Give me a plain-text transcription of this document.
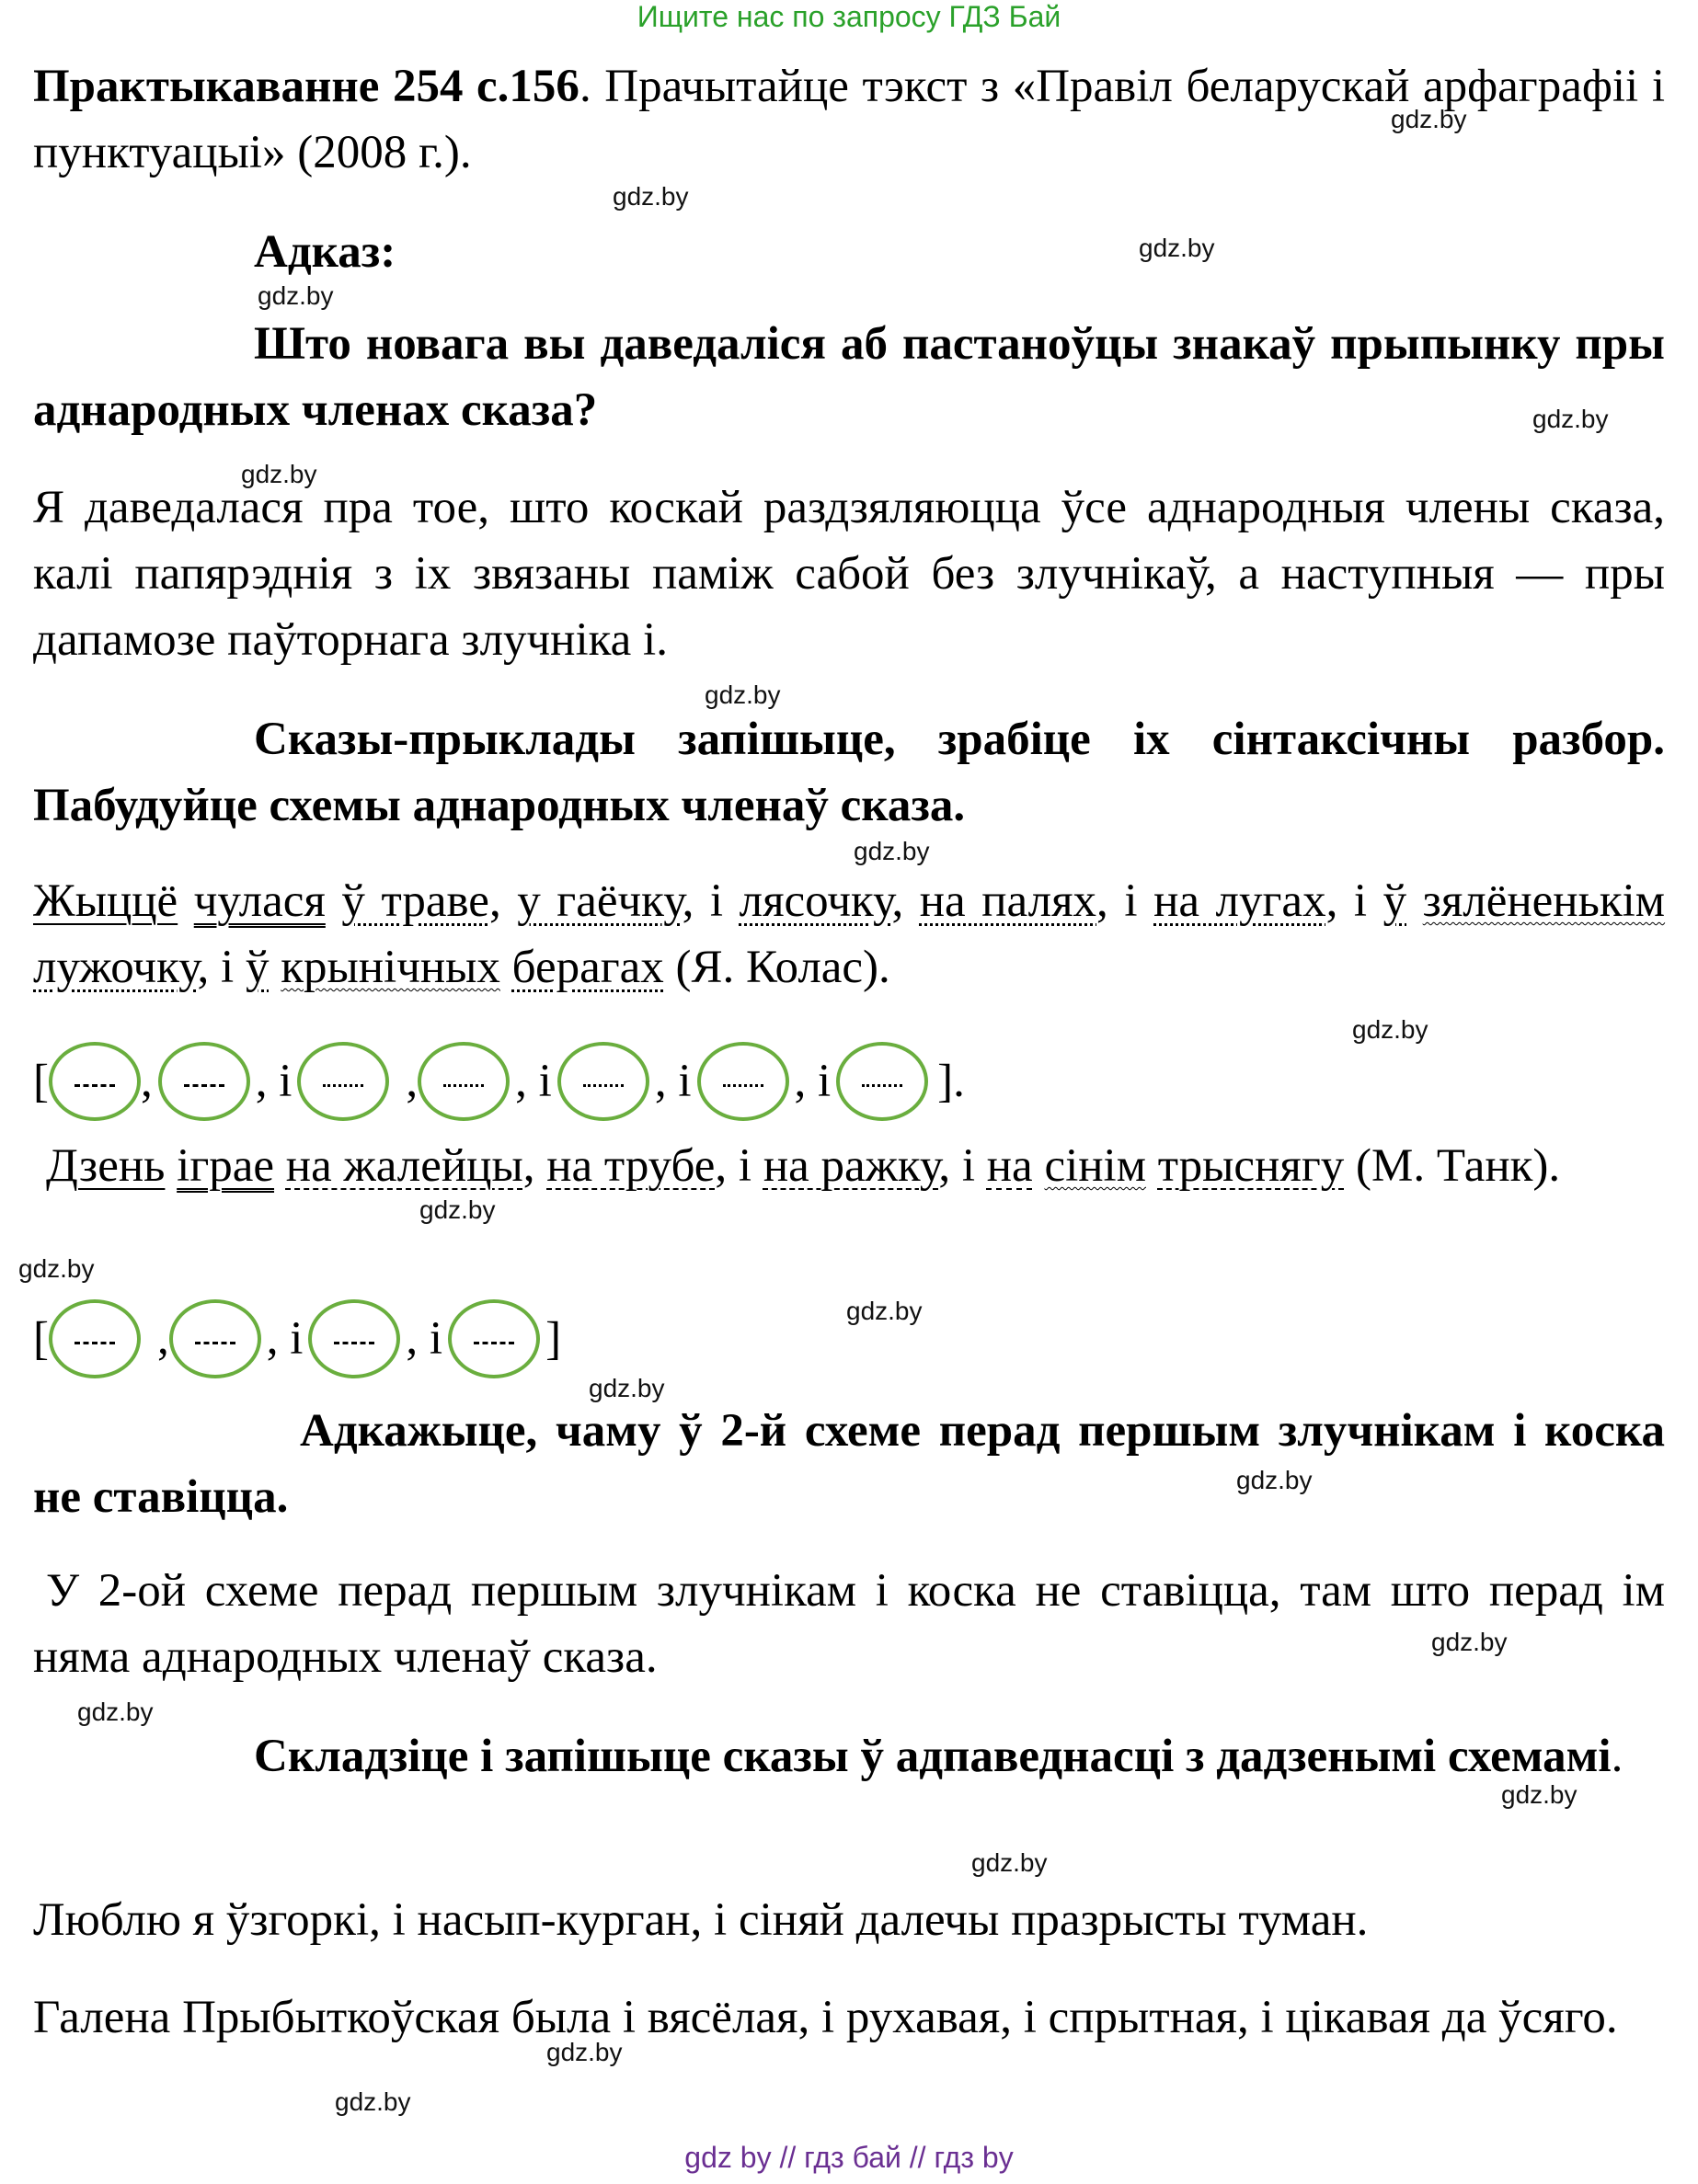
Ищите нас по запросу ГДЗ Бай
Практыкаванне 254 с.156. Прачытайце тэкст з «Правіл беларускай арфаграфіі і пунктуацыі» (2008 г.).
Адказ:
Што новага вы даведаліся аб пастаноўцы знакаў прыпынку пры аднародных членах сказа?
Я даведалася пра тое, што коскай раздзяляюцца ўсе аднародныя члены сказа, калі папярэднія з іх звязаны паміж сабой без злучнікаў, а наступныя — пры дапамозе паўторнага злучніка і.
Сказы-прыклады запішыце, зрабіце іх сінтаксічны разбор. Пабудуйце схемы аднародных членаў сказа.
Жыццё чулася ў траве, у гаёчку, і лясочку, на палях, і на лугах, і ў зялёненькім лужочку, і ў крынічных берагах (Я. Колас).
[ , , і , , і , і , і ].
Дзень іграе на жалейцы, на трубе, і на ражку, і на сінім трыснягу (М. Танк).
[ , , і , і ]
Адкажыце, чаму ў 2-й схеме перад першым злучнікам і коска не ставіцца.
У 2-ой схеме перад першым злучнікам і коска не ставіцца, там што перад ім няма аднародных членаў сказа.
Складзіце і запішыце сказы ў адпаведнасці з дадзенымі схемамі.
Люблю я ўзгоркі, і насып-курган, і сіняй далечы празрысты туман.
Галена Прыбыткоўская была і вясёлая, і рухавая, і спрытная, і цікавая да ўсяго.
gdz.by
gdz.by
gdz.by
gdz.by
gdz.by
gdz.by
gdz.by
gdz.by
gdz.by
gdz.by
gdz.by
gdz.by
gdz.by
gdz.by
gdz.by
gdz.by
gdz.by
gdz.by
gdz.by
gdz.by
gdz by // гдз бай // гдз by
